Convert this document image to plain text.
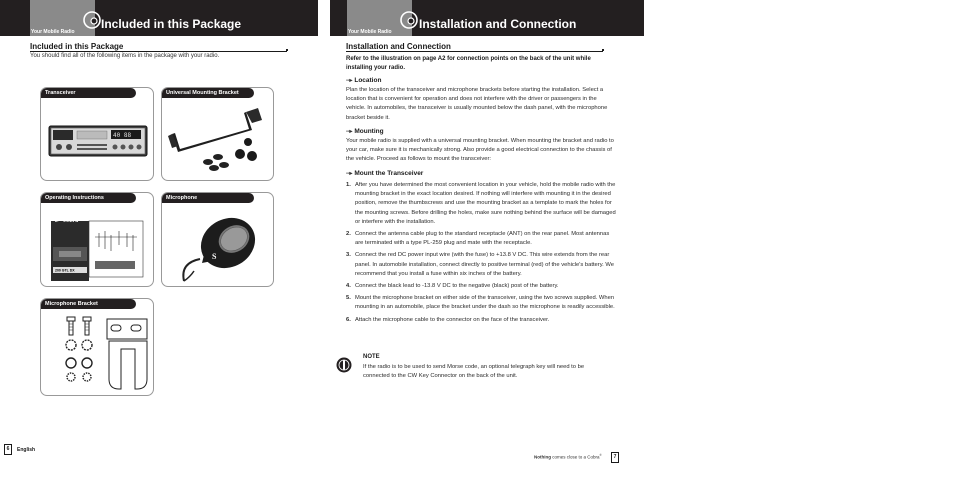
Your Mobile Radio
Included in this Package
Included in this Package
You should find all of the following items in the package with your radio.
Transceiver
40 88
Universal Mounting Bracket
Operating Instructions
200 GTL DX
Cobra
Microphone
S
Microphone Bracket
6	English
Your Mobile Radio
Installation and Connection
Installation and Connection
Refer to the illustration on page A2 for connection points on the back of the unit while installing your radio.
- - ▸ Location
Plan the location of the transceiver and microphone brackets before starting the installation. Select a location that is convenient for operation and does not interfere with the driver or passengers in the vehicle. In automobiles, the transceiver is usually mounted below the dash panel, with the microphone bracket beside it.
- - ▸ Mounting
Your mobile radio is supplied with a universal mounting bracket. When mounting the bracket and radio to your car, make sure it is mechanically strong. Also provide a good electrical connection to the chassis of the vehicle. Proceed as follows to mount the transceiver:
- - ▸ Mount the Transceiver
1. After you have determined the most convenient location in your vehicle, hold the mobile radio with the mounting bracket in the exact location desired. If nothing will interfere with mounting it in the desired position, remove the thumbscrews and use the mounting bracket as a template to mark the holes for the mounting screws. Before drilling the holes, make sure nothing behind the surface will be damaged or interfere with the installation.
2. Connect the antenna cable plug to the standard receptacle (ANT) on the rear panel. Most antennas are terminated with a type PL-259 plug and mate with the receptacle.
3. Connect the red DC power input wire (with the fuse) to +13.8 V DC. This wire extends from the rear panel. In automobile installation, connect directly to positive terminal (red) of the vehicle's battery. We recommend that you install a fuse within six inches of the battery.
4. Connect the black lead to -13.8 V DC to the negative (black) post of the battery.
5. Mount the microphone bracket on either side of the transceiver, using the two screws supplied. When mounting in an automobile, place the bracket under the dash so the microphone is readily accessible.
6. Attach the microphone cable to the connector on the face of the transceiver.
NOTE
If the radio is to be used to send Morse code, an optional telegraph key will need to be connected to the CW Key Connector on the back of the unit.
Nothing comes close to a Cobra®	7
